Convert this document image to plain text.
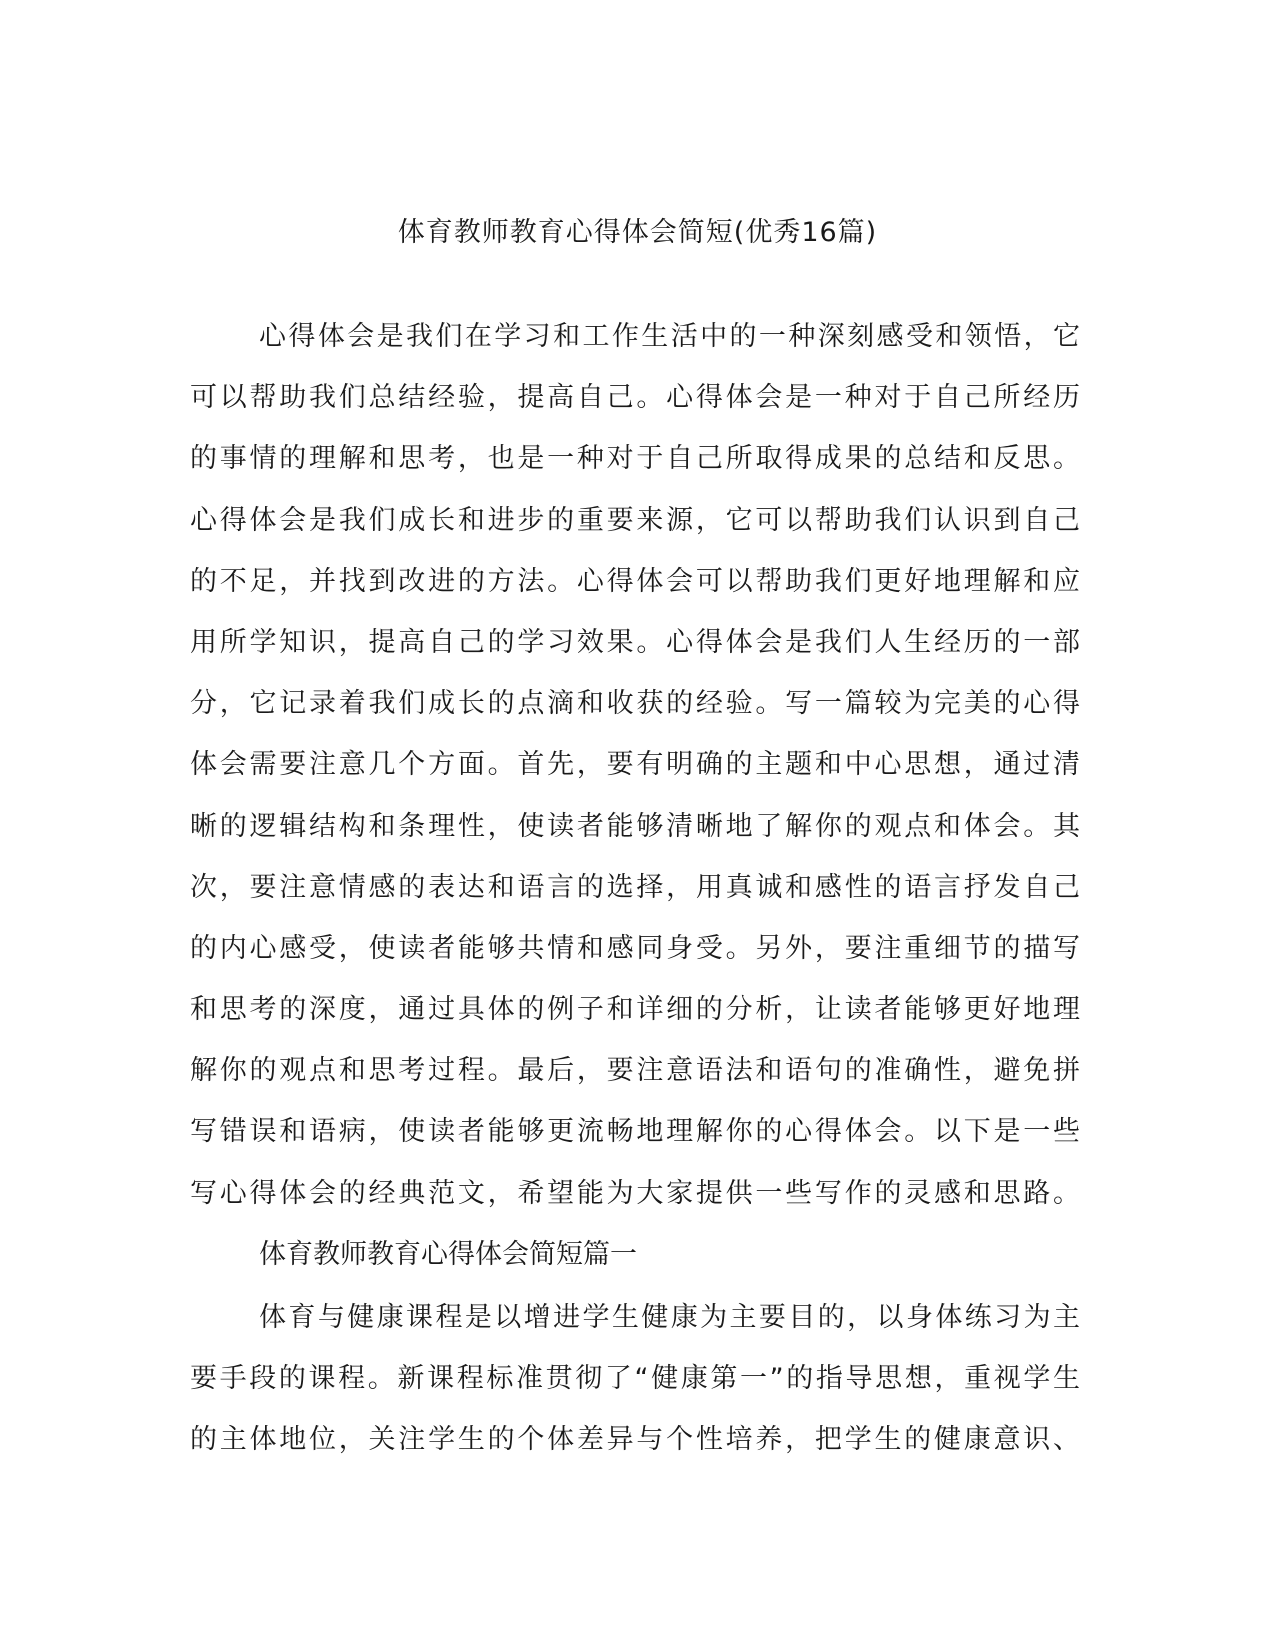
体育教师教育心得体会简短(优秀16篇)
心得体会是我们在学习和工作生活中的一种深刻感受和领悟，它
可以帮助我们总结经验，提高自己。心得体会是一种对于自己所经历
的事情的理解和思考，也是一种对于自己所取得成果的总结和反思。
心得体会是我们成长和进步的重要来源，它可以帮助我们认识到自己
的不足，并找到改进的方法。心得体会可以帮助我们更好地理解和应
用所学知识，提高自己的学习效果。心得体会是我们人生经历的一部
分，它记录着我们成长的点滴和收获的经验。写一篇较为完美的心得
体会需要注意几个方面。首先，要有明确的主题和中心思想，通过清
晰的逻辑结构和条理性，使读者能够清晰地了解你的观点和体会。其
次，要注意情感的表达和语言的选择，用真诚和感性的语言抒发自己
的内心感受，使读者能够共情和感同身受。另外，要注重细节的描写
和思考的深度，通过具体的例子和详细的分析，让读者能够更好地理
解你的观点和思考过程。最后，要注意语法和语句的准确性，避免拼
写错误和语病，使读者能够更流畅地理解你的心得体会。以下是一些
写心得体会的经典范文，希望能为大家提供一些写作的灵感和思路。
体育教师教育心得体会简短篇一
体育与健康课程是以增进学生健康为主要目的，以身体练习为主
要手段的课程。新课程标准贯彻了“健康第一”的指导思想，重视学生
的主体地位，关注学生的个体差异与个性培养，把学生的健康意识、
